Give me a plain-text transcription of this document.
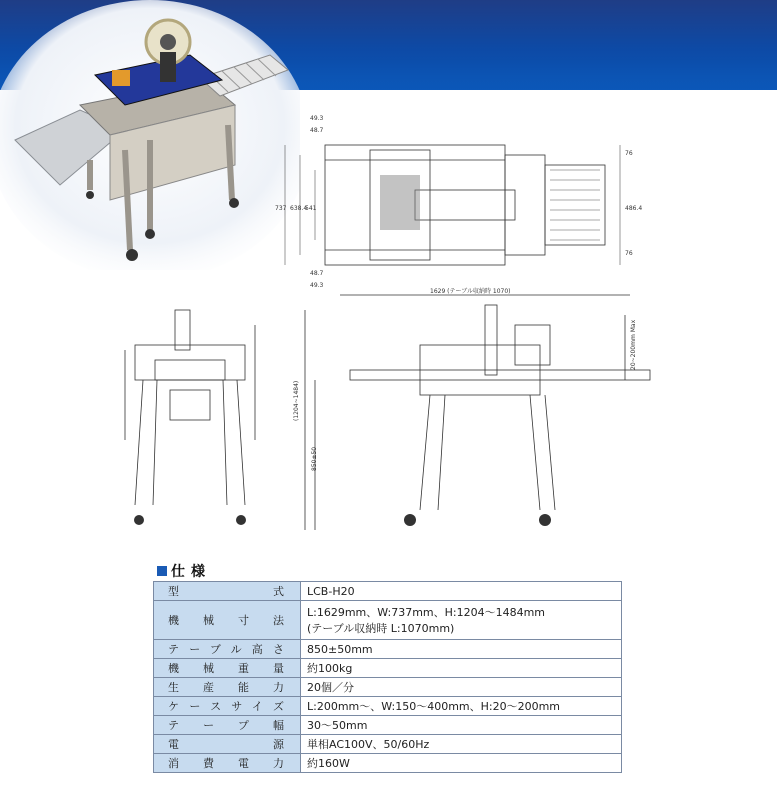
49.3
48.7
737 638.4
541
48.7
49.3
76
486.4
76
1629 (テーブル収納時 1070)
(1204~1484)
850±50
20~200mm Max
仕様
型式	LCB-H20
機械寸法	L:1629mm、W:737mm、H:1204～1484mm
(テーブル収納時 L:1070mm)
テーブル高さ	850±50mm
機械重量	約100kg
生産能力	20個／分
ケースサイズ	L:200mm～、W:150～400mm、H:20～200mm
テープ幅	30～50mm
電源	単相AC100V、50/60Hz
消費電力	約160W
